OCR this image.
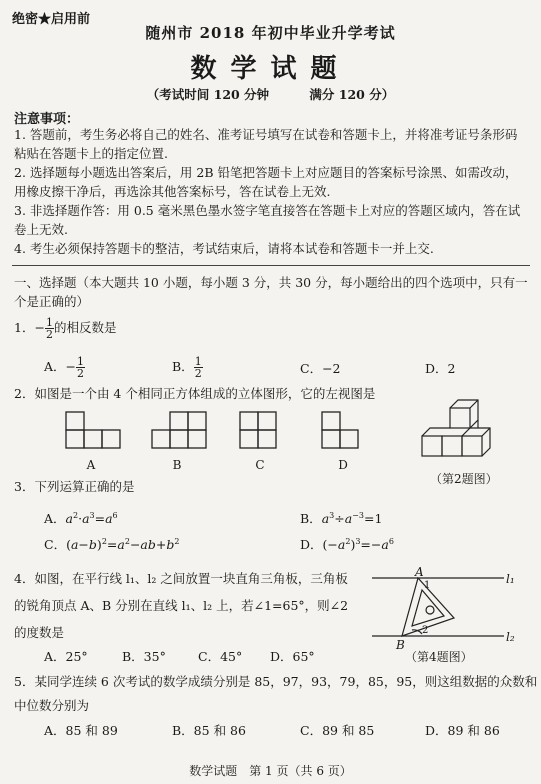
绝密★启用前
随州市 2018 年初中毕业升学考试
数学试题
（考试时间 120 分钟	满分 120 分）
注意事项：
1. 答题前，考生务必将自己的姓名、准考证号填写在试卷和答题卡上，并将准考证号条形码
粘贴在答题卡上的指定位置.
2. 选择题每小题选出答案后，用 2B 铅笔把答题卡上对应题目的答案标号涂黑、如需改动，
用橡皮擦干净后，再选涂其他答案标号，答在试卷上无效.
3. 非选择题作答：用 0.5 毫米黑色墨水签字笔直接答在答题卡上对应的答题区域内，答在试
卷上无效.
4. 考生必须保持答题卡的整洁，考试结束后，请将本试卷和答题卡一并上交.
一、选择题（本大题共 10 小题，每小题 3 分，共 30 分，每小题给出的四个选项中，只有一
个是正确的）
1．− $\frac{1}{2}$ 的相反数是
A．− $\frac{1}{2}$	B． $\frac{1}{2}$	C．−2	D．2
2．如图是一个由 4 个相同正方体组成的立体图形，它的左视图是
A	B	C	D
（第2题图）
3．下列运算正确的是
A．$a^2\cdot a^3=a^6$	B．$a^3\div a^{-3}=1$
C．$(a-b)^2=a^2-ab+b^2$	D．$(-a^2)^3=-a^6$
4．如图，在平行线 l₁、l₂ 之间放置一块直角三角板，三角板
的锐角顶点 A、B 分别在直线 l₁、l₂ 上，若∠1=65°，则∠2
的度数是
A．25°	B．35°	C．45° D．65°
A
1
B
2
l₁
l₂
（第4题图）
5．某同学连续 6 次考试的数学成绩分别是 85，97，93，79，85，95，则这组数据的众数和
中位数分别为
A．85 和 89	B．85 和 86	C．89 和 85	D．89 和 86
数学试题　第 1 页（共 6 页）
